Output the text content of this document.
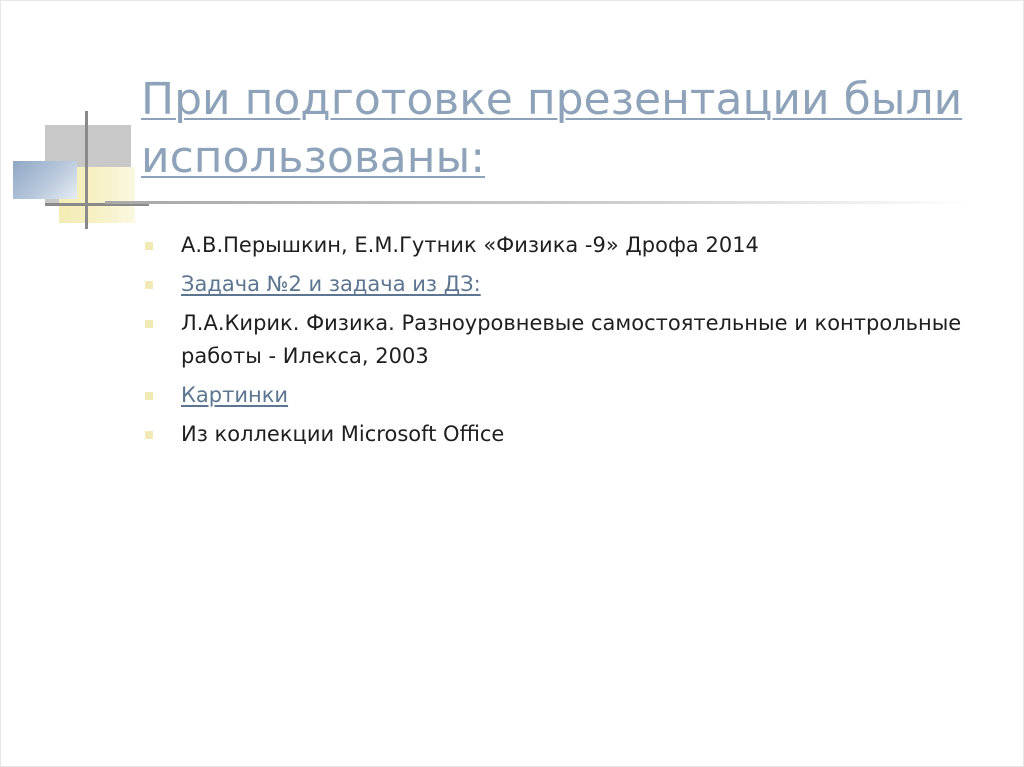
При подготовке презентации были использованы:
А.В.Перышкин, Е.М.Гутник «Физика -9» Дрофа 2014
Задача №2 и задача из ДЗ:
Л.А.Кирик. Физика. Разноуровневые самостоятельные и контрольные работы - Илекса, 2003
Картинки
Из коллекции Microsoft Office
